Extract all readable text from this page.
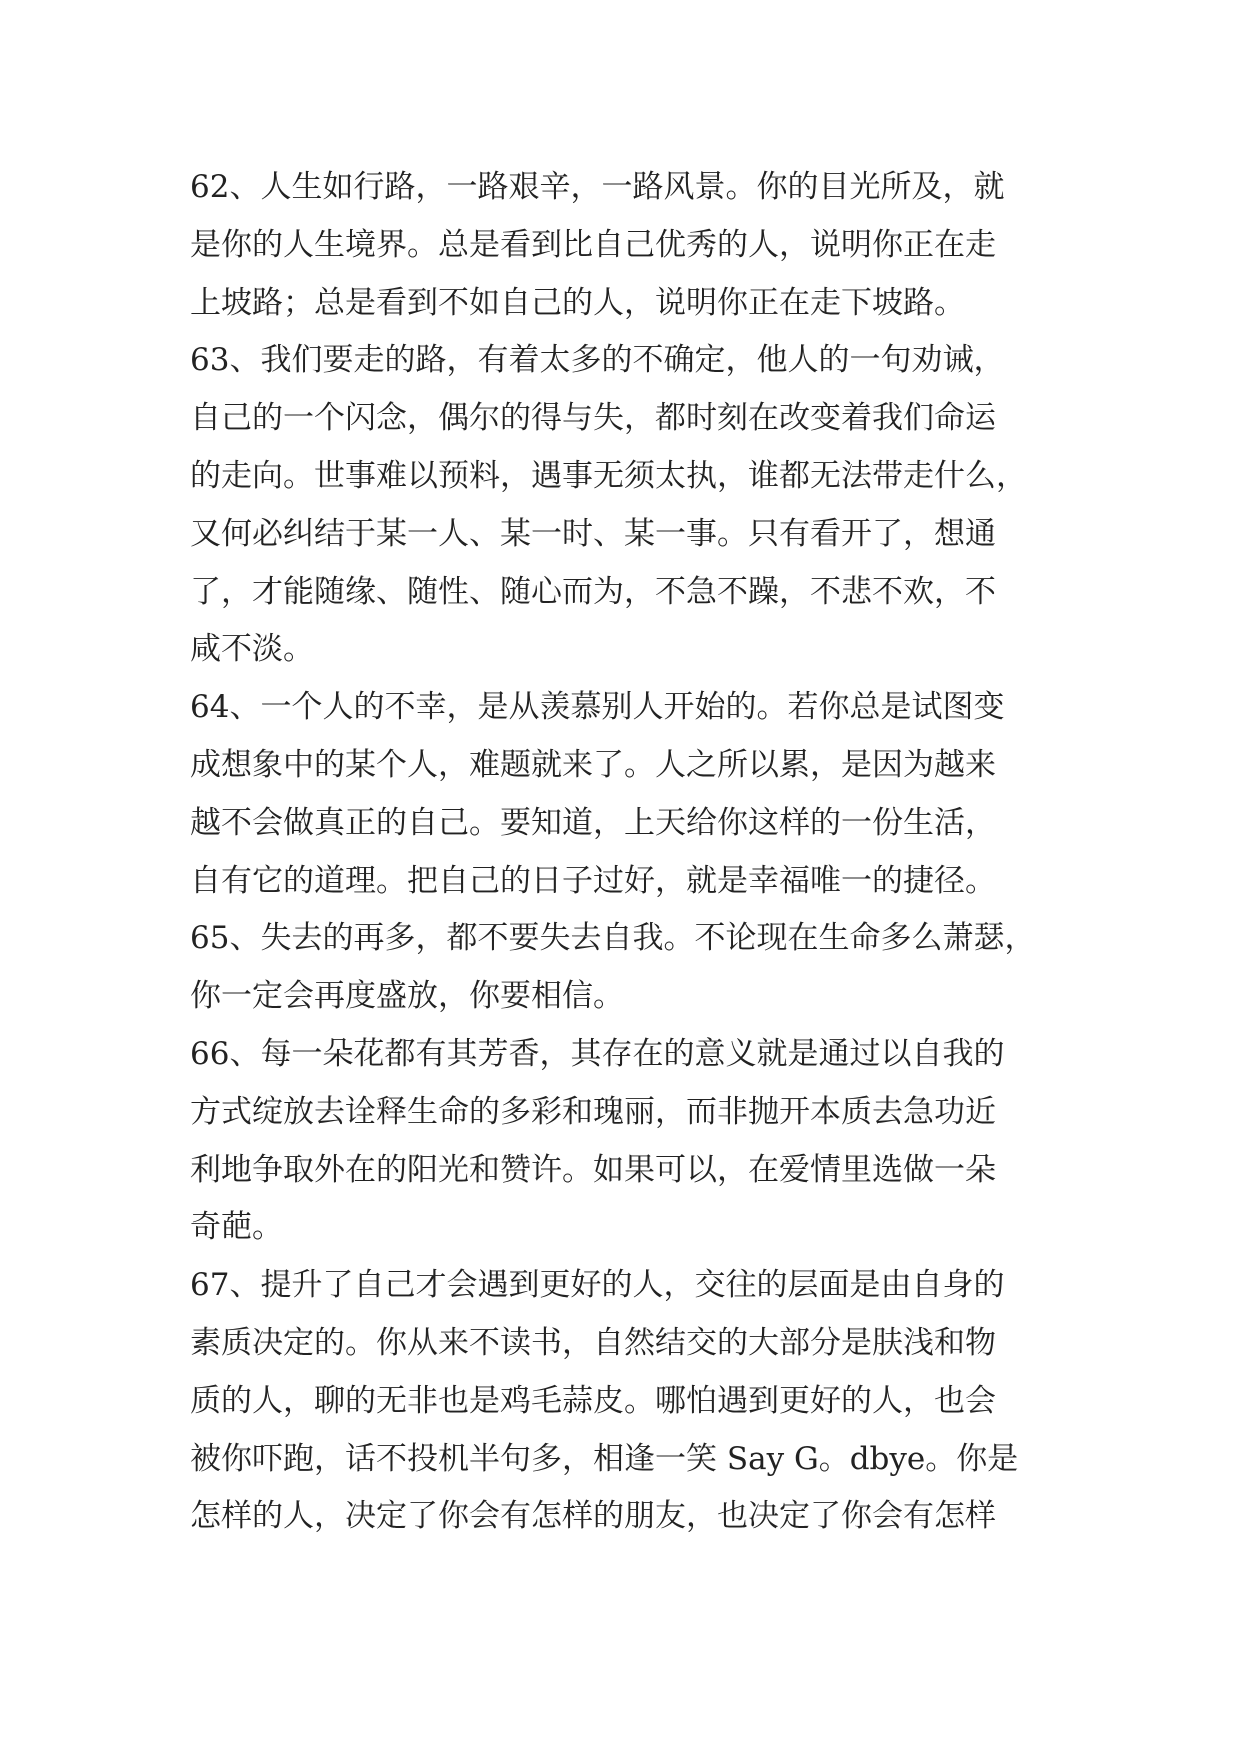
62、人生如行路，一路艰辛，一路风景。你的目光所及，就
是你的人生境界。总是看到比自己优秀的人，说明你正在走
上坡路；总是看到不如自己的人，说明你正在走下坡路。
63、我们要走的路，有着太多的不确定，他人的一句劝诫，
自己的一个闪念，偶尔的得与失，都时刻在改变着我们命运
的走向。世事难以预料，遇事无须太执，谁都无法带走什么，
又何必纠结于某一人、某一时、某一事。只有看开了，想通
了，才能随缘、随性、随心而为，不急不躁，不悲不欢，不
咸不淡。
64、一个人的不幸，是从羡慕别人开始的。若你总是试图变
成想象中的某个人，难题就来了。人之所以累，是因为越来
越不会做真正的自己。要知道，上天给你这样的一份生活，
自有它的道理。把自己的日子过好，就是幸福唯一的捷径。
65、失去的再多，都不要失去自我。不论现在生命多么萧瑟，
你一定会再度盛放，你要相信。
66、每一朵花都有其芳香，其存在的意义就是通过以自我的
方式绽放去诠释生命的多彩和瑰丽，而非抛开本质去急功近
利地争取外在的阳光和赞许。如果可以，在爱情里选做一朵
奇葩。
67、提升了自己才会遇到更好的人，交往的层面是由自身的
素质决定的。你从来不读书，自然结交的大部分是肤浅和物
质的人，聊的无非也是鸡毛蒜皮。哪怕遇到更好的人，也会
被你吓跑，话不投机半句多，相逢一笑 Say G。dbye。你是
怎样的人，决定了你会有怎样的朋友，也决定了你会有怎样
